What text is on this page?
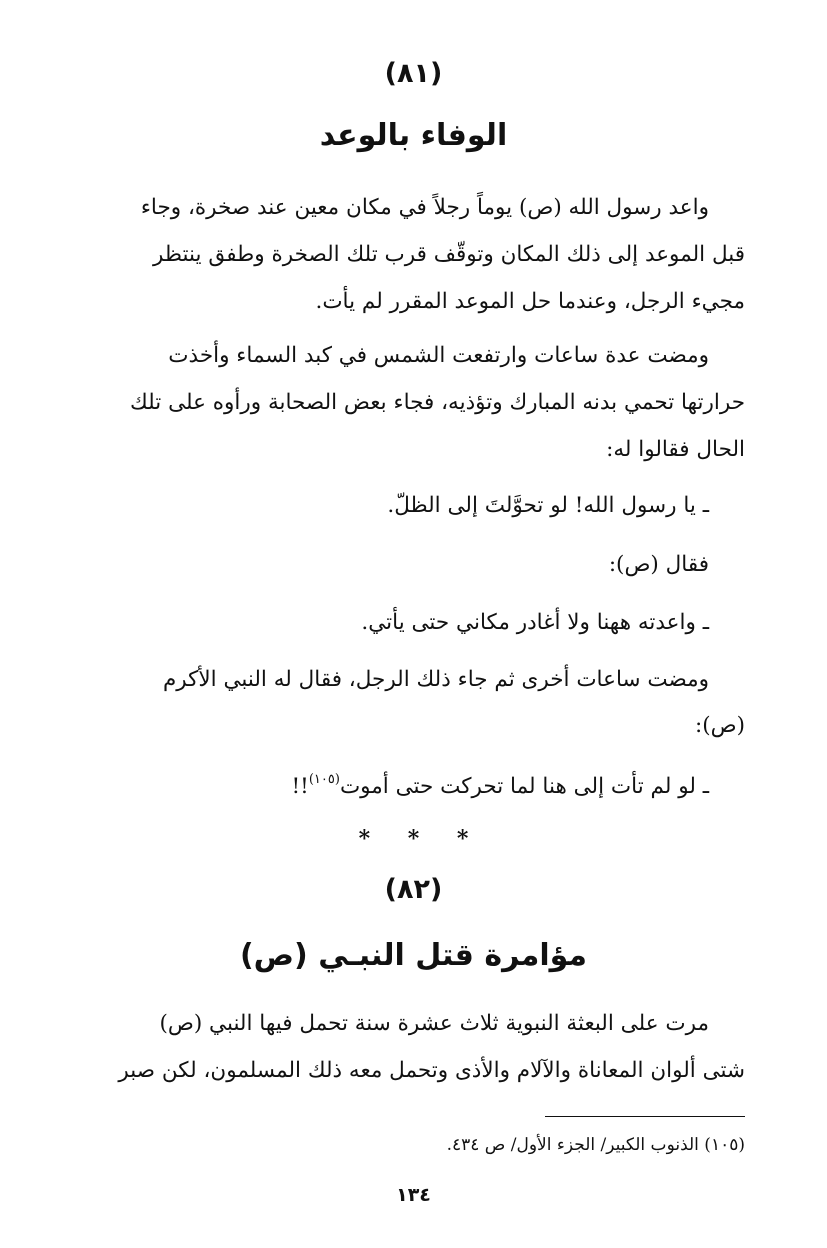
(٨١)
الوفاء بالوعد
واعد رسول الله (ص) يوماً رجلاً في مكان معين عند صخرة، وجاء
قبل الموعد إلى ذلك المكان وتوقّف قرب تلك الصخرة وطفق ينتظر
مجيء الرجل، وعندما حل الموعد المقرر لم يأت.
ومضت عدة ساعات وارتفعت الشمس في كبد السماء وأخذت
حرارتها تحمي بدنه المبارك وتؤذيه، فجاء بعض الصحابة ورأوه على تلك
الحال فقالوا له:
ـ يا رسول الله! لو تحوَّلتَ إلى الظلّ.
فقال (ص):
ـ واعدته ههنا ولا أغادر مكاني حتى يأتي.
ومضت ساعات أخرى ثم جاء ذلك الرجل، فقال له النبي الأكرم
(ص):
ـ لو لم تأت إلى هنا لما تحركت حتى أموت$^{(١٠٥)}$!!
* * *
(٨٢)
مؤامرة قتل النبـي (ص)
مرت على البعثة النبوية ثلاث عشرة سنة تحمل فيها النبي (ص)
شتى ألوان المعاناة والآلام والأذى وتحمل معه ذلك المسلمون، لكن صبر
(١٠٥) الذنوب الكبير/ الجزء الأول/ ص ٤٣٤.
١٣٤
